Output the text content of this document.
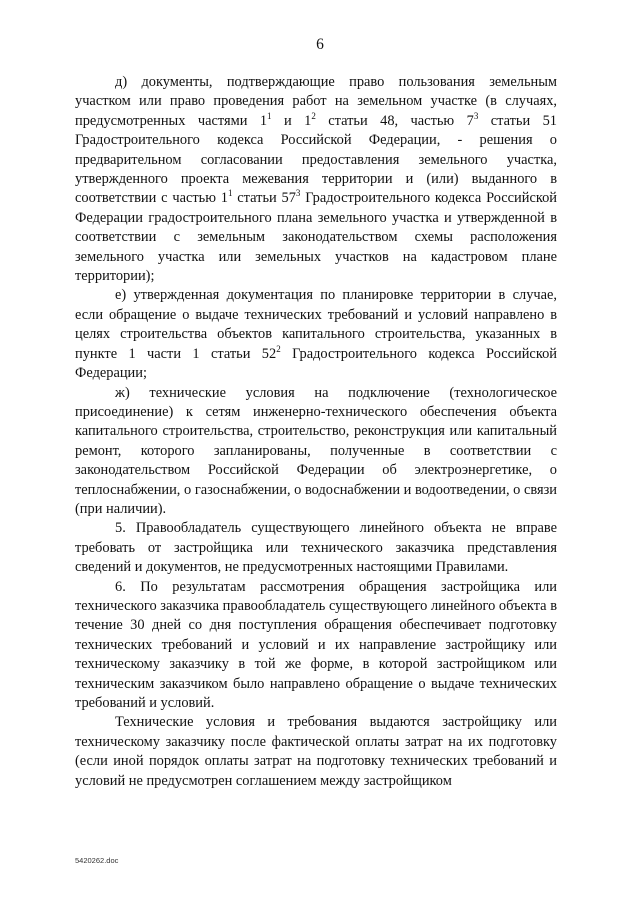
6

д) документы, подтверждающие право пользования земельным участком или право проведения работ на земельном участке (в случаях, предусмотренных частями $1^1$ и $1^2$ статьи 48, частью $7^3$ статьи 51 Градостроительного кодекса Российской Федерации, - решения о предварительном согласовании предоставления земельного участка, утвержденного проекта межевания территории и (или) выданного в соответствии с частью $1^1$ статьи $57^3$ Градостроительного кодекса Российской Федерации градостроительного плана земельного участка и утвержденной в соответствии с земельным законодательством схемы расположения земельного участка или земельных участков на кадастровом плане территории);

е) утвержденная документация по планировке территории в случае, если обращение о выдаче технических требований и условий направлено в целях строительства объектов капитального строительства, указанных в пункте 1 части 1 статьи $52^2$ Градостроительного кодекса Российской Федерации;

ж) технические условия на подключение (технологическое присоединение) к сетям инженерно-технического обеспечения объекта капитального строительства, строительство, реконструкция или капитальный ремонт, которого запланированы, полученные в соответствии с законодательством Российской Федерации об электроэнергетике, о теплоснабжении, о газоснабжении, о водоснабжении и водоотведении, о связи (при наличии).

5. Правообладатель существующего линейного объекта не вправе требовать от застройщика или технического заказчика представления сведений и документов, не предусмотренных настоящими Правилами.

6. По результатам рассмотрения обращения застройщика или технического заказчика правообладатель существующего линейного объекта в течение 30 дней со дня поступления обращения обеспечивает подготовку технических требований и условий и их направление застройщику или техническому заказчику в той же форме, в которой застройщиком или техническим заказчиком было направлено обращение о выдаче технических требований и условий.

Технические условия и требования выдаются застройщику или техническому заказчику после фактической оплаты затрат на их подготовку (если иной порядок оплаты затрат на подготовку технических требований и условий не предусмотрен соглашением между застройщиком

5420262.doc
